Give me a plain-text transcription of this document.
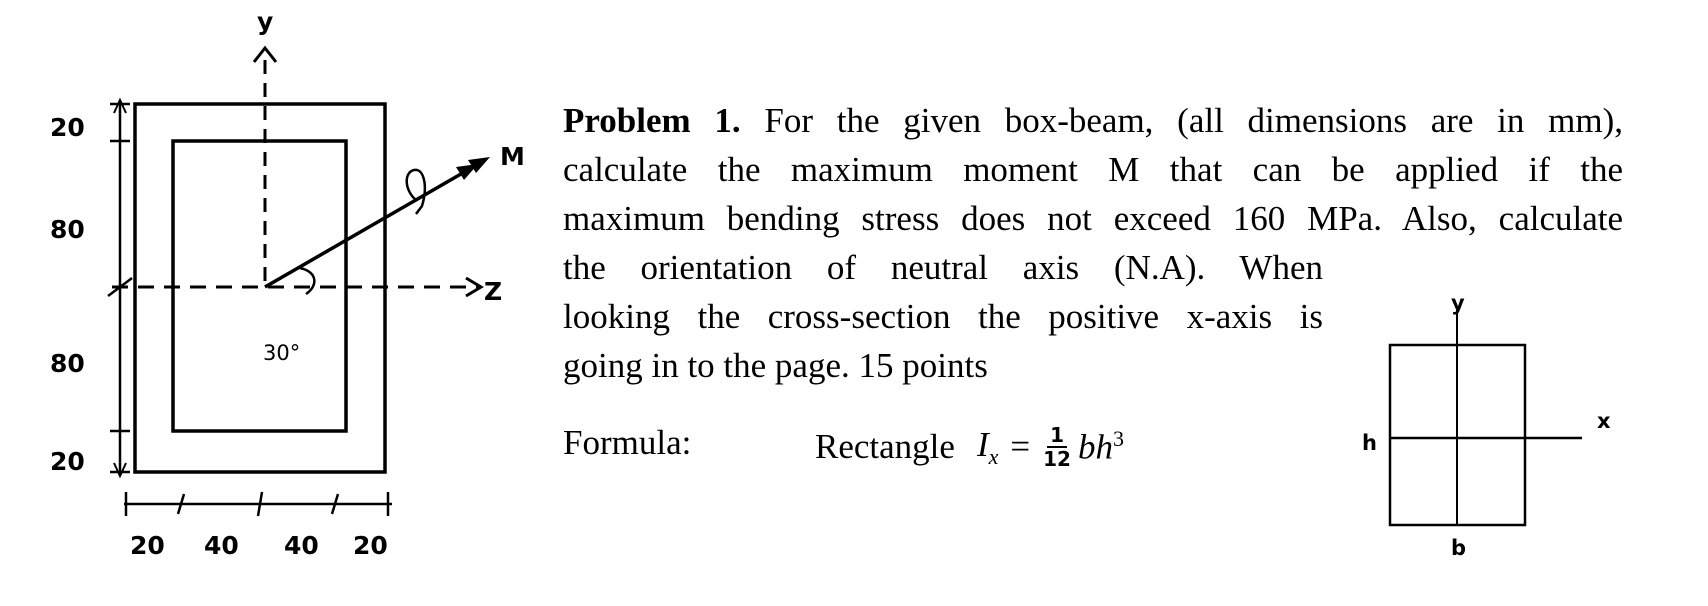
y
Z
M
30°
20
80
80
20
20 40 40 20
Problem 1. For the given box-beam, (all dimensions are in mm),
calculate the maximum moment M that can be applied if the
maximum bending stress does not exceed 160 MPa. Also, calculate
the orientation of neutral axis (N.A). When
looking the cross-section the positive x-axis is
going in to the page. 15 points
Formula:	Rectangle $I_x = \frac{1}{12} bh^3$
y
x
h
b
